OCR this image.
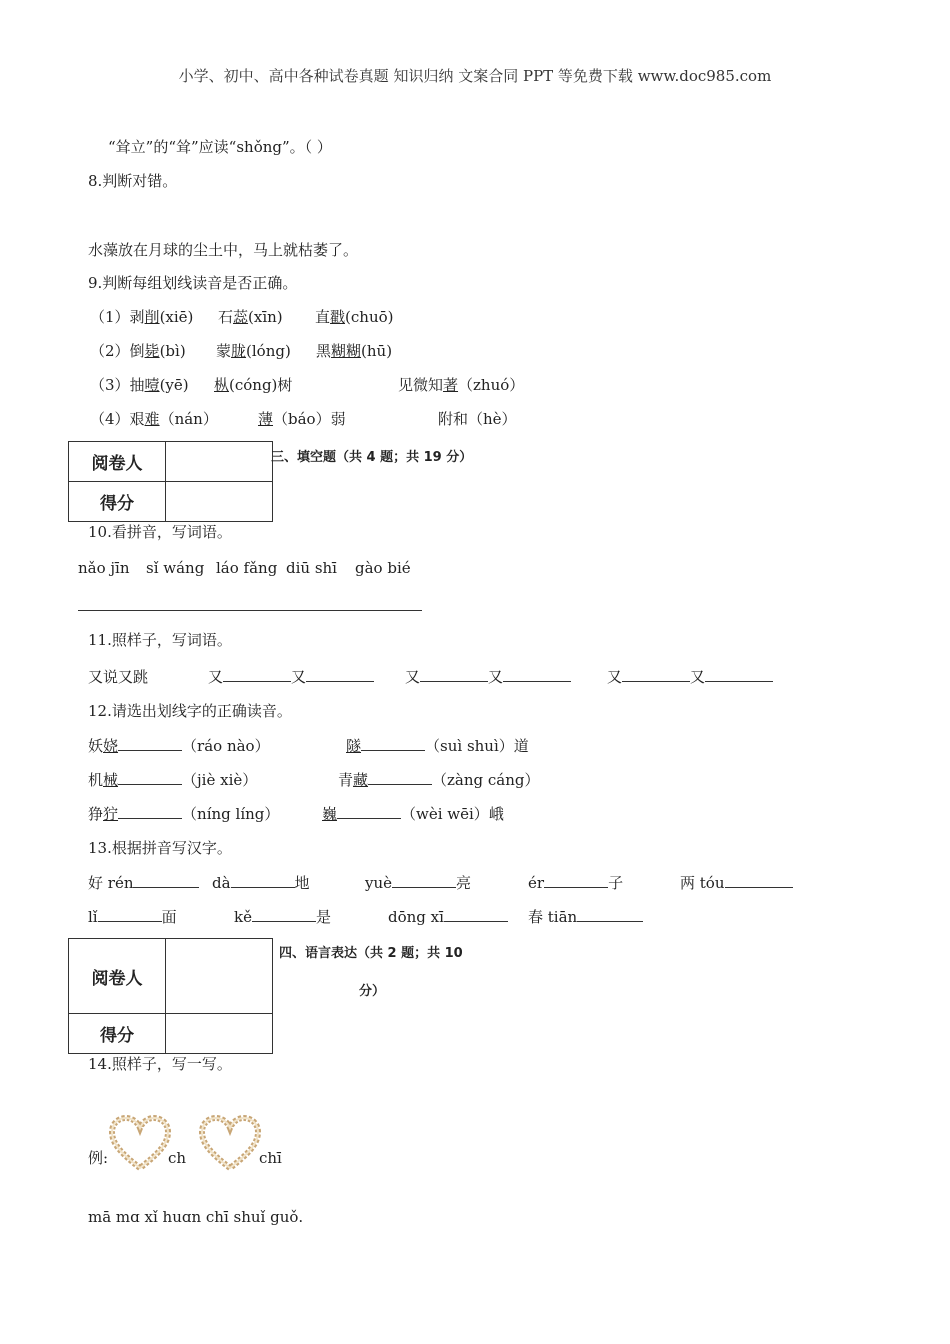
小学、初中、高中各种试卷真题 知识归纳 文案合同 PPT 等免费下载 www.doc985.com
“耸立”的“耸”应读“shǒng”。（ ）
8.判断对错。
水藻放在月球的尘土中，马上就枯萎了。
9.判断每组划线读音是否正确。
（1）剥削(xiē) 石蕊(xīn) 直戳(chuō)
（2）倒毙(bì) 蒙胧(lóng) 黑糊糊(hū)
（3）抽噎(yē) 枞(cóng)树	见微知著（zhuó）
（4）艰难（nán）	薄（báo）弱	附和（hè）
阅卷人	
得分	
三、填空题（共 4 题；共 19 分）
10.看拼音，写词语。
nǎo jīn sǐ wáng láo fǎng diū shī gào bié
11.照样子，写词语。
又说又跳	又	又	又	又	又	又
12.请选出划线字的正确读音。
妖娆	（ráo nào）	隧	（suì shuì）道
机械	（jiè xiè）	青藏	（zàng cáng）
狰狞	（níng líng）	巍	（wèi wēi）峨
13.根据拼音写汉字。
好 rén	dà	地	yuè	亮	ér	子	两 tóu
lǐ	面	kě	是	dōng xī	春 tiān
阅卷人	
得分	
四、语言表达（共 2 题；共 10
分）
14.照样子，写一写。
例:	ch	chī
mā mɑ xǐ huɑn chī shuǐ guǒ.
